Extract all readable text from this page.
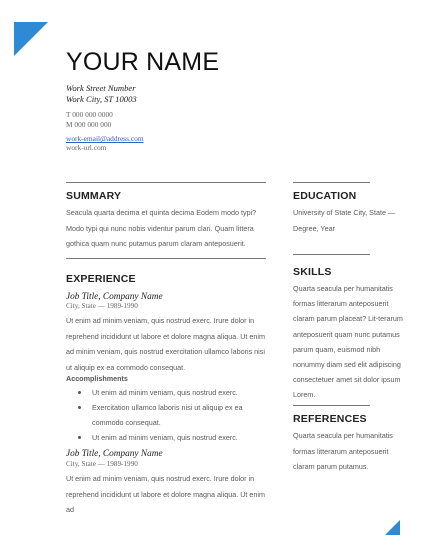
YOUR NAME
Work Street Number
Work City, ST 10003
T 000 000 0000
M 000 000 000
work-email@address.com
work-url.com
SUMMARY
Seacula quarta decima et quinta decima Eodem modo typi? Modo typi qui nunc nobis videntur parum clari. Quam littera gothica quam nunc putamus parum claram anteposuerit.
EXPERIENCE
Job Title, Company Name
City, State — 1989-1990
Ut enim ad minim veniam, quis nostrud exerc. Irure dolor in reprehend incididunt ut labore et dolore magna aliqua. Ut enim ad minim veniam, quis nostrud exercitation ullamco laboris nisi ut aliquip ex ea commodo consequat.
Accomplishments
Ut enim ad minim veniam, quis nostrud exerc.
Exercitation ullamco laboris nisi ut aliquip ex ea commodo consequat.
Ut enim ad minim veniam, quis nostrud exerc.
Job Title, Company Name
City, State — 1989-1990
Ut enim ad minim veniam, quis nostrud exerc. Irure dolor in reprehend incididunt ut labore et dolore magna aliqua. Ut enim ad
EDUCATION
University of State City, State — Degree, Year
SKILLS
Quarta seacula per humanitatis formas litterarum anteposuerit claram parum placeat? Lit-terarum anteposuerit quam nunc putamus parum quam, euismod nibh nonummy diam sed elit adipiscing consectetuer amet sit dolor ipsum Lorem.
REFERENCES
Quarta seacula per humanitatis formas litterarum anteposuerit claram parum putamus.
